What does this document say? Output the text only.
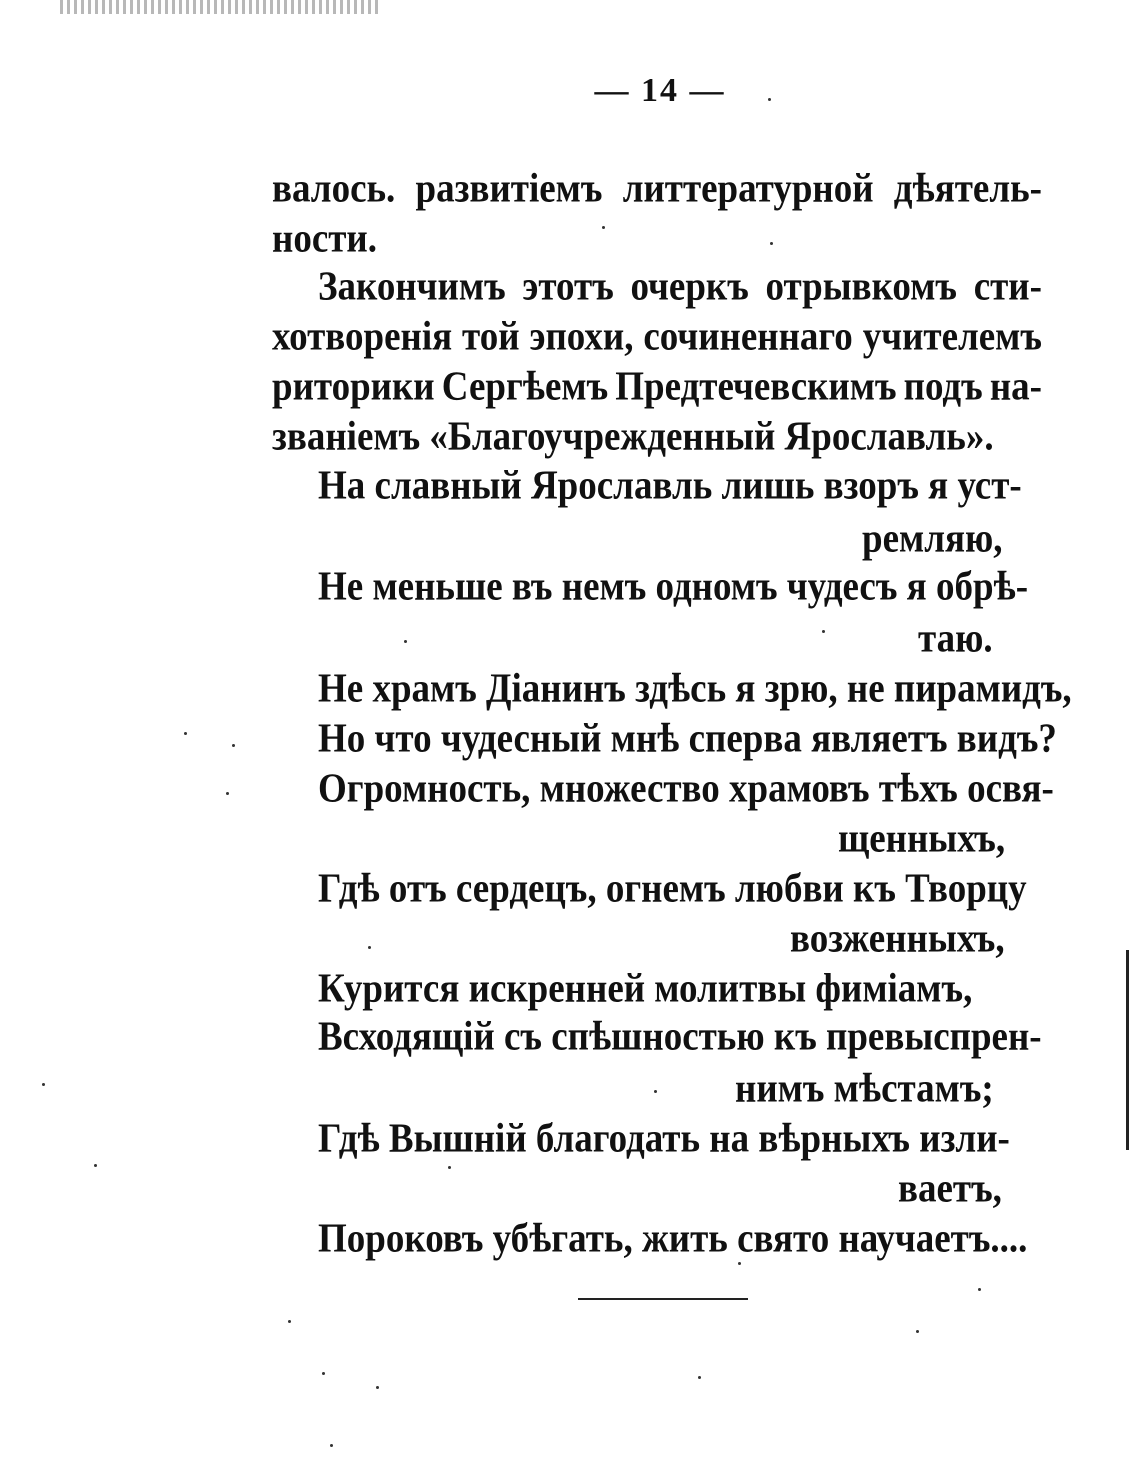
— 14 —
валось. развитіемъ литтературной дѣятель-
ности.
Закончимъ этотъ очеркъ отрывкомъ сти-
хотворенія той эпохи, сочиненнаго учителемъ
риторики Сергѣемъ Предтечевскимъ подъ на-
званіемъ «Благоучрежденный Ярославль».
На славный Ярославль лишь взоръ я уст-
ремляю,
Не меньше въ немъ одномъ чудесъ я обрѣ-
таю.
Не храмъ Діанинъ здѣсь я зрю, не пирамидъ,
Но что чудесный мнѣ сперва являетъ видъ?
Огромность, множество храмовъ тѣхъ освя-
щенныхъ,
Гдѣ отъ сердецъ, огнемъ любви къ Творцу
возженныхъ,
Курится искренней молитвы фиміамъ,
Всходящій съ спѣшностью къ превыспрен-
нимъ мѣстамъ;
Гдѣ Вышній благодать на вѣрныхъ изли-
ваетъ,
Пороковъ убѣгать, жить свято научаетъ....
